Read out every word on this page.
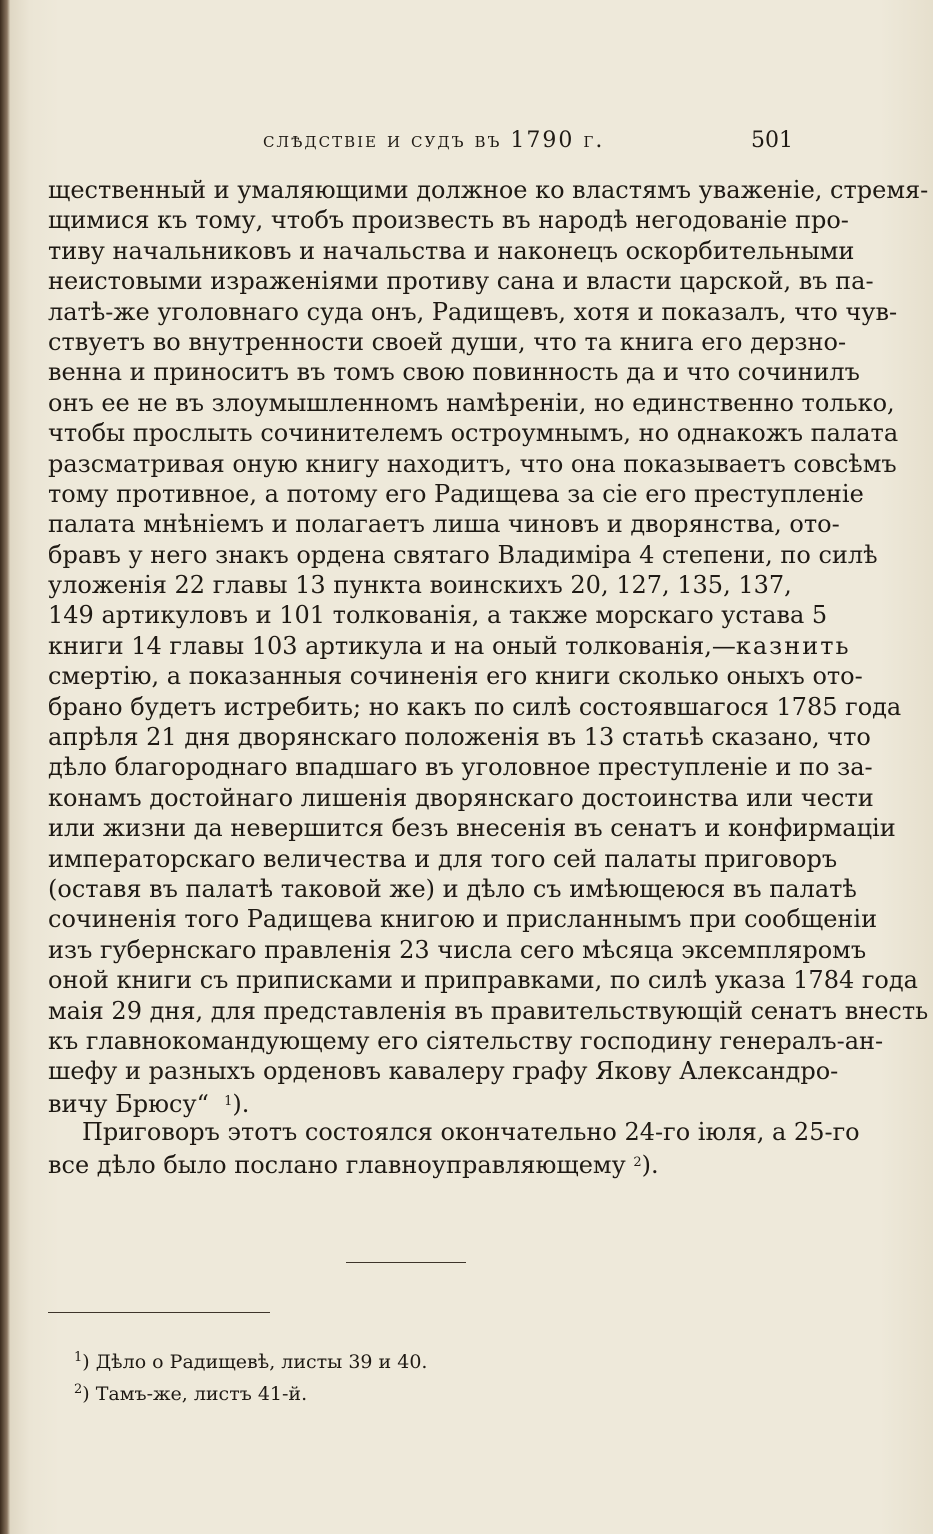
слѣдствіе и судъ въ 1790 г.	501
щественный и умаляющими должное ко властямъ уваженіе, стремя-
щимися къ тому, чтобъ произвесть въ народѣ негодованіе про-
тиву начальниковъ и начальства и наконецъ оскорбительными
неистовыми израженіями противу сана и власти царской, въ па-
латѣ-же уголовнаго суда онъ, Радищевъ, хотя и показалъ, что чув-
ствуетъ во внутренности своей души, что та книга его дерзно-
венна и приноситъ въ томъ свою повинность да и что сочинилъ
онъ ее не въ злоумышленномъ намѣреніи, но единственно только,
чтобы прослыть сочинителемъ остроумнымъ, но однакожъ палата
разсматривая оную книгу находитъ, что она показываетъ совсѣмъ
тому противное, а потому его Радищева за сіе его преступленіе
палата мнѣніемъ и полагаетъ лиша чиновъ и дворянства, ото-
бравъ у него знакъ ордена святаго Владиміра 4 степени, по силѣ
уложенія 22 главы 13 пункта воинскихъ 20, 127, 135, 137,
149 артикуловъ и 101 толкованія, а также морскаго устава 5
книги 14 главы 103 артикула и на оный толкованія,—казнить
смертію, а показанныя сочиненія его книги сколько оныхъ ото-
брано будетъ истребить; но какъ по силѣ состоявшагося 1785 года
апрѣля 21 дня дворянскаго положенія въ 13 статьѣ сказано, что
дѣло благороднаго впадшаго въ уголовное преступленіе и по за-
конамъ достойнаго лишенія дворянскаго достоинства или чести
или жизни да невершится безъ внесенія въ сенатъ и конфирмаціи
императорскаго величества и для того сей палаты приговоръ
(оставя въ палатѣ таковой же) и дѣло съ имѣющеюся въ палатѣ
сочиненія того Радищева книгою и присланнымъ при сообщеніи
изъ губернскаго правленія 23 числа сего мѣсяца эксемпляромъ
оной книги съ приписками и приправками, по силѣ указа 1784 года
маія 29 дня, для представленія въ правительствующій сенатъ внесть
къ главнокомандующему его сіятельству господину генералъ-ан-
шефу и разныхъ орденовъ кавалеру графу Якову Александро-
вичу Брюсу“ $^1$).
Приговоръ этотъ состоялся окончательно 24-го іюля, а 25-го
все дѣло было послано главноуправляющему $^2$).
$^1$) Дѣло о Радищевѣ, листы 39 и 40.
$^2$) Тамъ-же, листъ 41-й.
